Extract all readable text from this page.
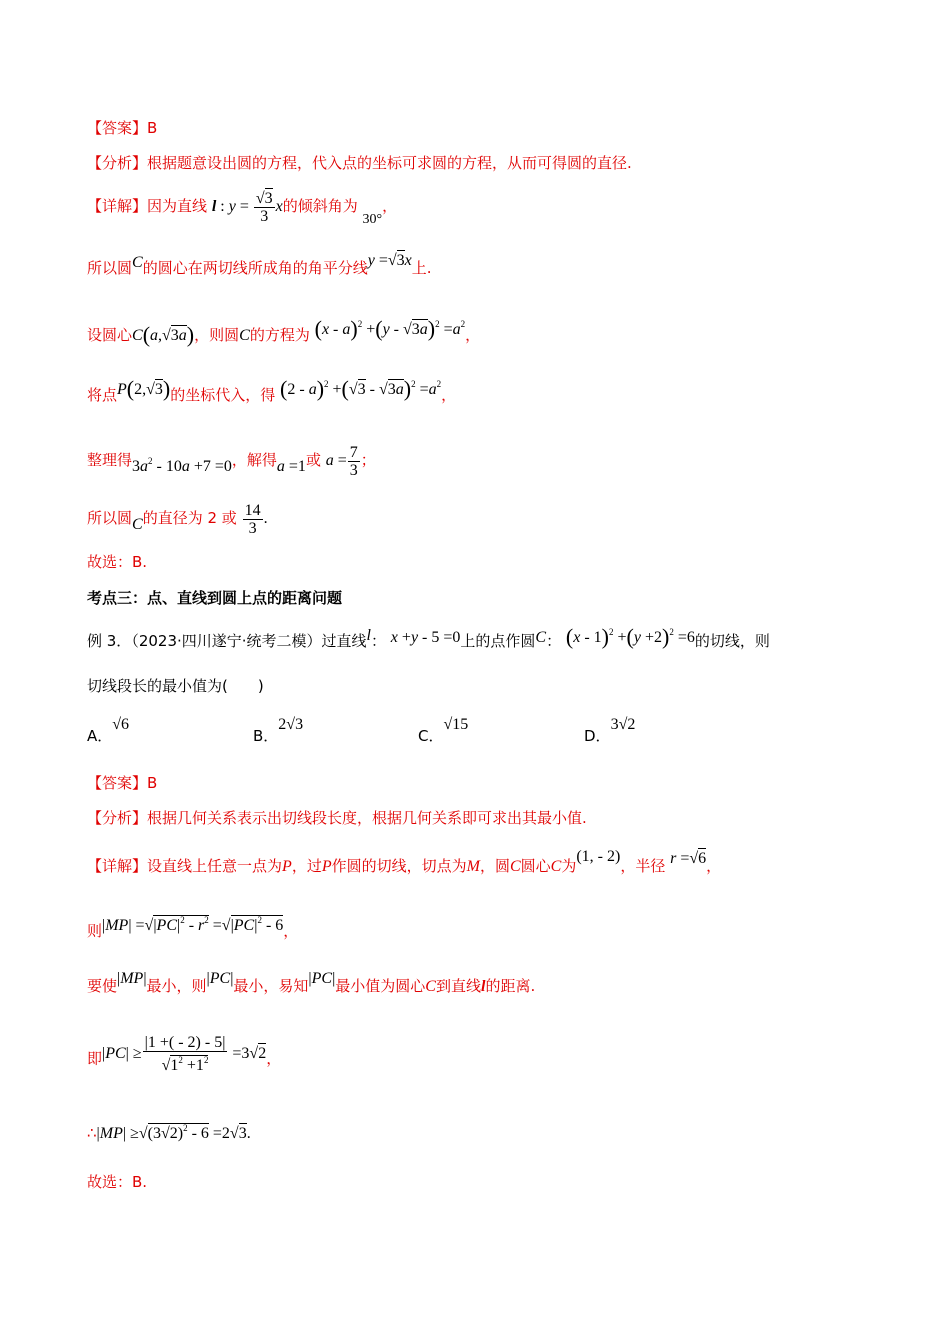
【答案】B
【分析】根据题意设出圆的方程，代入点的坐标可求圆的方程，从而可得圆的直径.
【详解】因为直线 l : $y = \frac{√3}{3}$ x的倾斜角为 30°，
所以圆C的圆心在两切线所成角的角平分线y =√3x上.
设圆心C(a,√3a)，则圆C的方程为 $(x - a)^2 +(y - √3a)^2 =a^2$，
将点P(2,√3)的坐标代入，得 $(2 - a)^2 +(√3 - √3a)^2 =a^2$，
整理得$3a^2 - 10a +7 =0$，解得a =1或 $a = \frac{7}{3}$ ；
所以圆C的直径为 2 或 $\frac{14}{3}$ .
故选：B.
考点三：点、直线到圆上点的距离问题
例 3．（2023·四川遂宁·统考二模）过直线l： x +y - 5 =0上的点作圆C： $(x - 1)^2 +(y +2)^2 =6$的切线，则
切线段长的最小值为(　　)
A．√6
B．2√3
C．√15
D．3√2
【答案】B
【分析】根据几何关系表示出切线段长度，根据几何关系即可求出其最小值.
【详解】设直线上任意一点为P，过P作圆的切线，切点为M，圆C圆心C为(1, - 2)，半径 r =√6，
则$|MP| =√|PC|^2 - r^2 =√|PC|^2 - 6$，
要使|MP|最小，则|PC|最小，易知|PC|最小值为圆心C到直线l的距离.
即$|PC| \ge \frac{|1 +( - 2) - 5|}{√1^2 +1^2} =3√2$，
∴|MP| $\ge√(3√2)^2 - 6 =2√3$.
故选：B.
